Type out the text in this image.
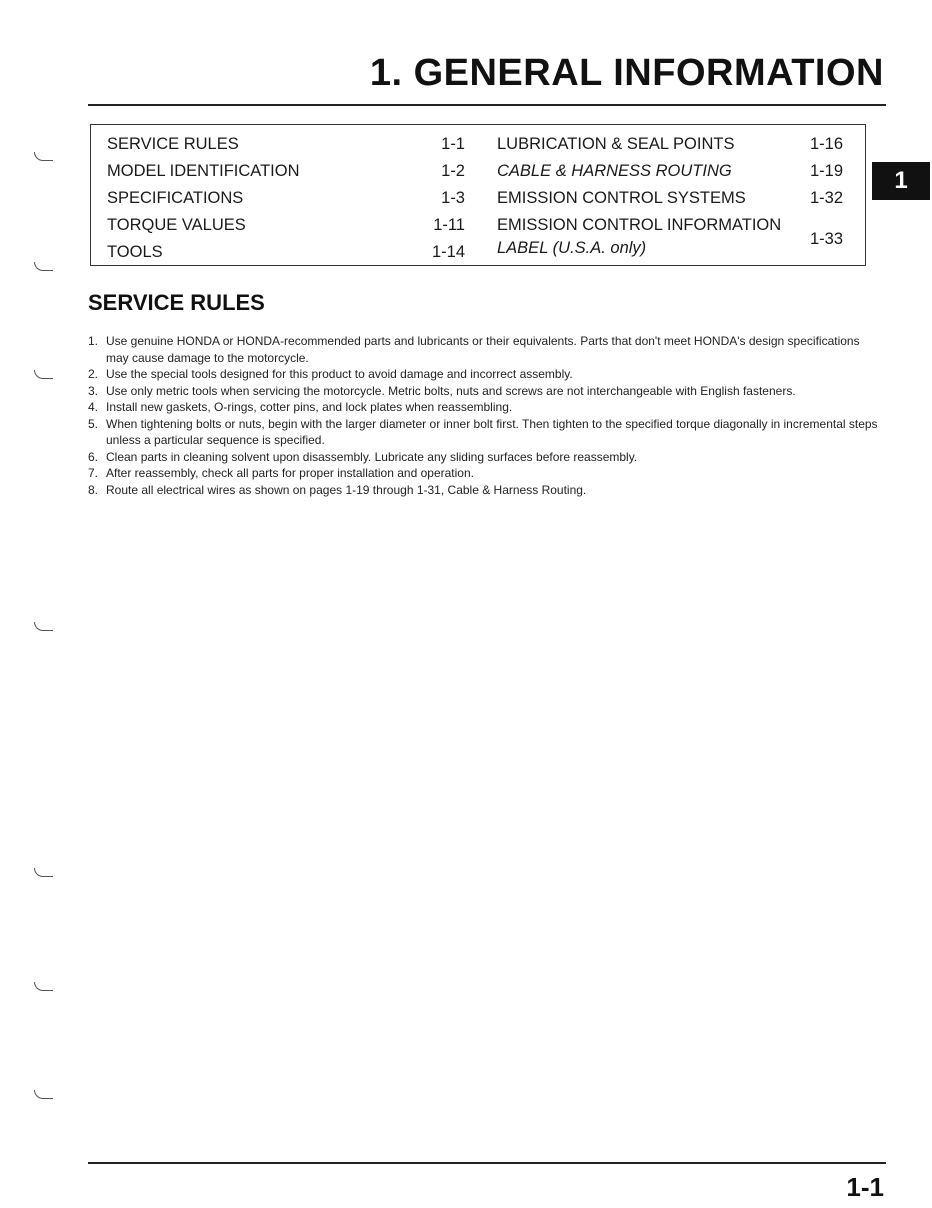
1. GENERAL INFORMATION
SERVICE RULES	1-1
MODEL IDENTIFICATION	1-2
SPECIFICATIONS	1-3
TORQUE VALUES	1-11
TOOLS	1-14
LUBRICATION & SEAL POINTS	1-16
CABLE & HARNESS ROUTING	1-19
EMISSION CONTROL SYSTEMS	1-32
EMISSION CONTROL INFORMATION
LABEL (U.S.A. only)	1-33
1
SERVICE RULES
1. Use genuine HONDA or HONDA-recommended parts and lubricants or their equivalents. Parts that don't meet HONDA's design specifications may cause damage to the motorcycle.
2. Use the special tools designed for this product to avoid damage and incorrect assembly.
3. Use only metric tools when servicing the motorcycle. Metric bolts, nuts and screws are not interchangeable with English fasteners.
4. Install new gaskets, O-rings, cotter pins, and lock plates when reassembling.
5. When tightening bolts or nuts, begin with the larger diameter or inner bolt first. Then tighten to the specified torque diagonally in incremental steps unless a particular sequence is specified.
6. Clean parts in cleaning solvent upon disassembly. Lubricate any sliding surfaces before reassembly.
7. After reassembly, check all parts for proper installation and operation.
8. Route all electrical wires as shown on pages 1-19 through 1-31, Cable & Harness Routing.
1-1
